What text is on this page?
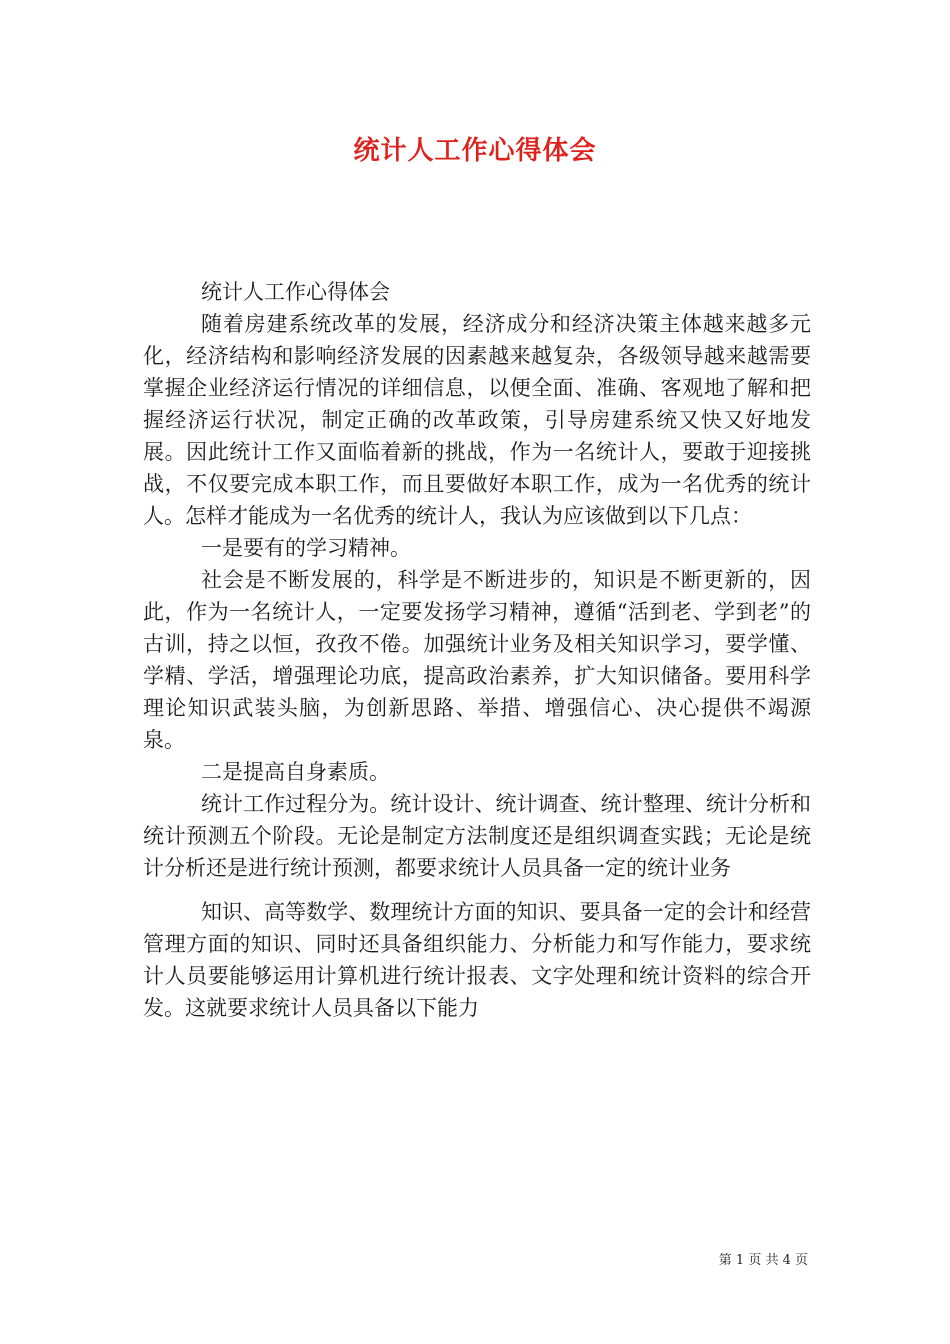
统计人工作心得体会

统计人工作心得体会

随着房建系统改革的发展，经济成分和经济决策主体越来越多元化，经济结构和影响经济发展的因素越来越复杂，各级领导越来越需要掌握企业经济运行情况的详细信息，以便全面、准确、客观地了解和把握经济运行状况，制定正确的改革政策，引导房建系统又快又好地发展。因此统计工作又面临着新的挑战，作为一名统计人，要敢于迎接挑战，不仅要完成本职工作，而且要做好本职工作，成为一名优秀的统计人。怎样才能成为一名优秀的统计人，我认为应该做到以下几点：

一是要有的学习精神。

社会是不断发展的，科学是不断进步的，知识是不断更新的，因此，作为一名统计人，一定要发扬学习精神，遵循“活到老、学到老”的古训，持之以恒，孜孜不倦。加强统计业务及相关知识学习，要学懂、学精、学活，增强理论功底，提高政治素养，扩大知识储备。要用科学理论知识武装头脑，为创新思路、举措、增强信心、决心提供不竭源泉。

二是提高自身素质。

统计工作过程分为。统计设计、统计调查、统计整理、统计分析和统计预测五个阶段。无论是制定方法制度还是组织调查实践；无论是统计分析还是进行统计预测，都要求统计人员具备一定的统计业务

知识、高等数学、数理统计方面的知识、要具备一定的会计和经营管理方面的知识、同时还具备组织能力、分析能力和写作能力，要求统计人员要能够运用计算机进行统计报表、文字处理和统计资料的综合开发。这就要求统计人员具备以下能力

第 1 页 共 4 页
